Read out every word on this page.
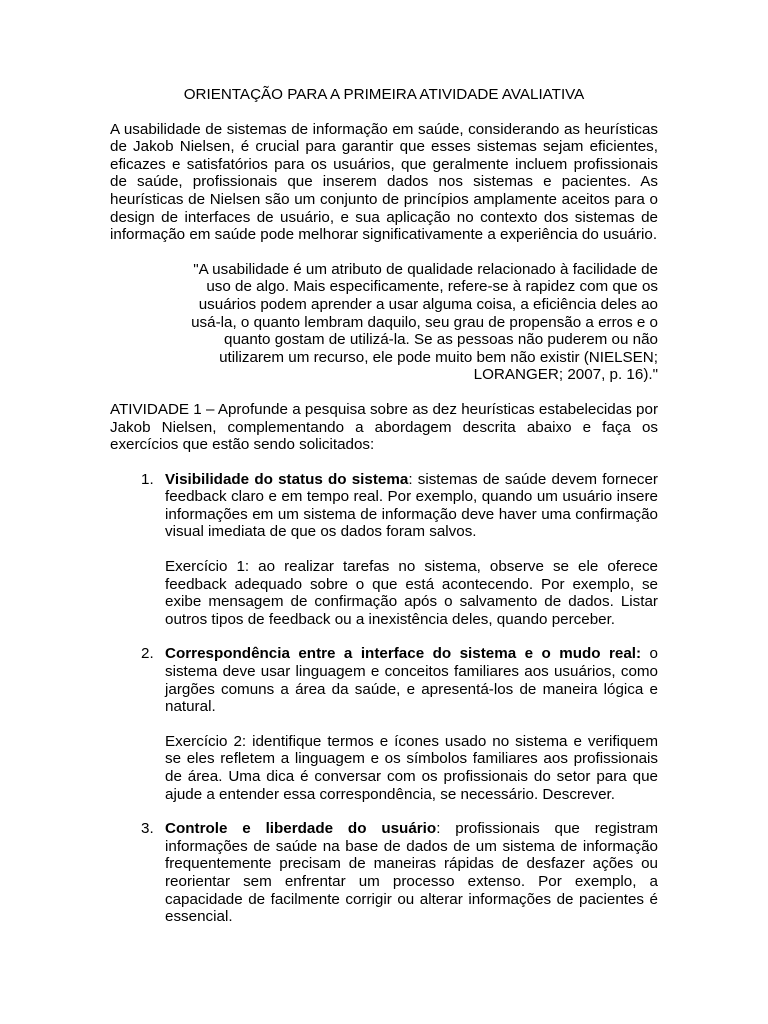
ORIENTAÇÃO PARA A PRIMEIRA ATIVIDADE AVALIATIVA

A usabilidade de sistemas de informação em saúde, considerando as heurísticas de Jakob Nielsen, é crucial para garantir que esses sistemas sejam eficientes, eficazes e satisfatórios para os usuários, que geralmente incluem profissionais de saúde, profissionais que inserem dados nos sistemas e pacientes. As heurísticas de Nielsen são um conjunto de princípios amplamente aceitos para o design de interfaces de usuário, e sua aplicação no contexto dos sistemas de informação em saúde pode melhorar significativamente a experiência do usuário.

"A usabilidade é um atributo de qualidade relacionado à facilidade de uso de algo. Mais especificamente, refere-se à rapidez com que os usuários podem aprender a usar alguma coisa, a eficiência deles ao usá-la, o quanto lembram daquilo, seu grau de propensão a erros e o quanto gostam de utilizá-la. Se as pessoas não puderem ou não utilizarem um recurso, ele pode muito bem não existir (NIELSEN; LORANGER; 2007, p. 16)."

ATIVIDADE 1 – Aprofunde a pesquisa sobre as dez heurísticas estabelecidas por Jakob Nielsen, complementando a abordagem descrita abaixo e faça os exercícios que estão sendo solicitados:

1. Visibilidade do status do sistema: sistemas de saúde devem fornecer feedback claro e em tempo real. Por exemplo, quando um usuário insere informações em um sistema de informação deve haver uma confirmação visual imediata de que os dados foram salvos.

Exercício 1: ao realizar tarefas no sistema, observe se ele oferece feedback adequado sobre o que está acontecendo. Por exemplo, se exibe mensagem de confirmação após o salvamento de dados. Listar outros tipos de feedback ou a inexistência deles, quando perceber.

2. Correspondência entre a interface do sistema e o mudo real: o sistema deve usar linguagem e conceitos familiares aos usuários, como jargões comuns a área da saúde, e apresentá-los de maneira lógica e natural.

Exercício 2: identifique termos e ícones usado no sistema e verifiquem se eles refletem a linguagem e os símbolos familiares aos profissionais de área. Uma dica é conversar com os profissionais do setor para que ajude a entender essa correspondência, se necessário. Descrever.

3. Controle e liberdade do usuário: profissionais que registram informações de saúde na base de dados de um sistema de informação frequentemente precisam de maneiras rápidas de desfazer ações ou reorientar sem enfrentar um processo extenso. Por exemplo, a capacidade de facilmente corrigir ou alterar informações de pacientes é essencial.
